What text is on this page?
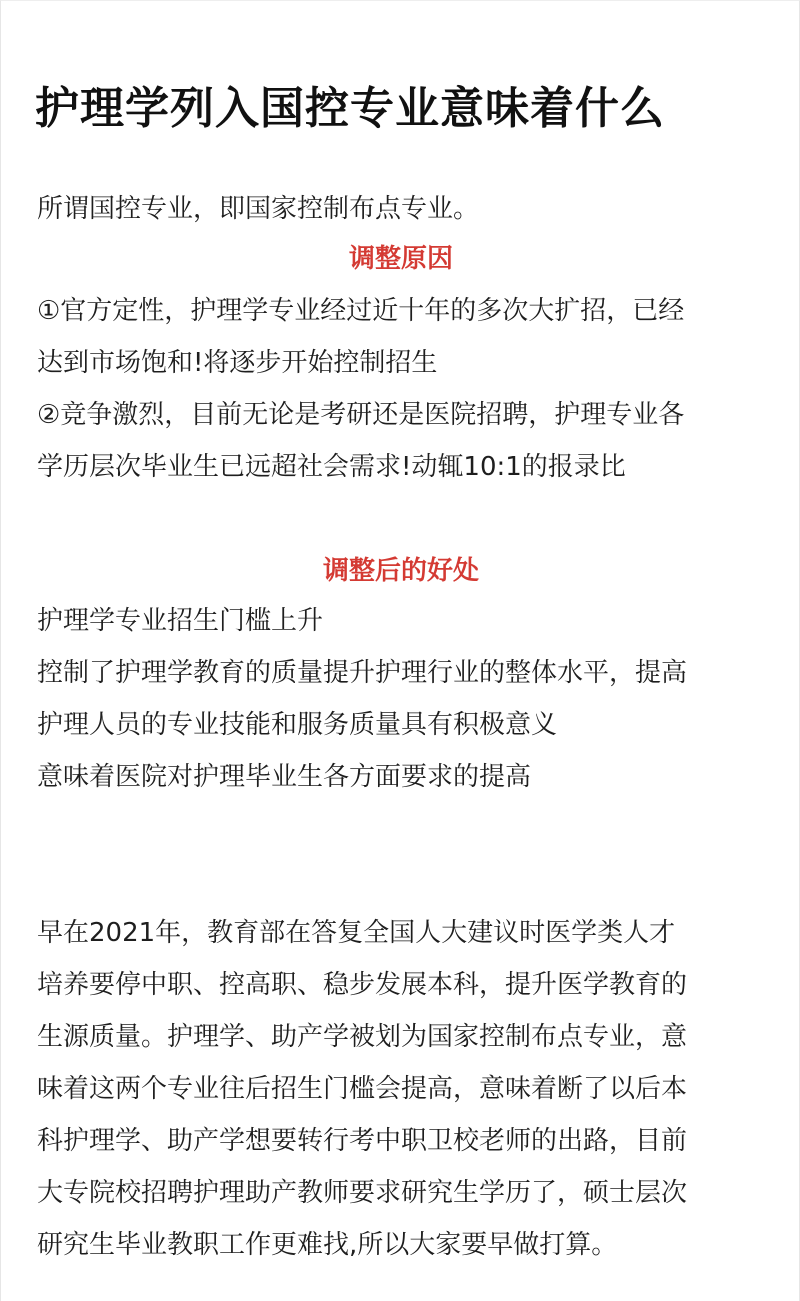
护理学列入国控专业意味着什么

所谓国控专业，即国家控制布点专业。

调整原因

①官方定性，护理学专业经过近十年的多次大扩招，已经

达到市场饱和!将逐步开始控制招生

②竞争激烈，目前无论是考研还是医院招聘，护理专业各

学历层次毕业生已远超社会需求!动辄10:1的报录比

调整后的好处

护理学专业招生门槛上升

控制了护理学教育的质量提升护理行业的整体水平，提高

护理人员的专业技能和服务质量具有积极意义

意味着医院对护理毕业生各方面要求的提高

早在2021年，教育部在答复全国人大建议时医学类人才

培养要停中职、控高职、稳步发展本科，提升医学教育的

生源质量。护理学、助产学被划为国家控制布点专业，意

味着这两个专业往后招生门槛会提高，意味着断了以后本

科护理学、助产学想要转行考中职卫校老师的出路，目前

大专院校招聘护理助产教师要求研究生学历了，硕士层次

研究生毕业教职工作更难找,所以大家要早做打算。
